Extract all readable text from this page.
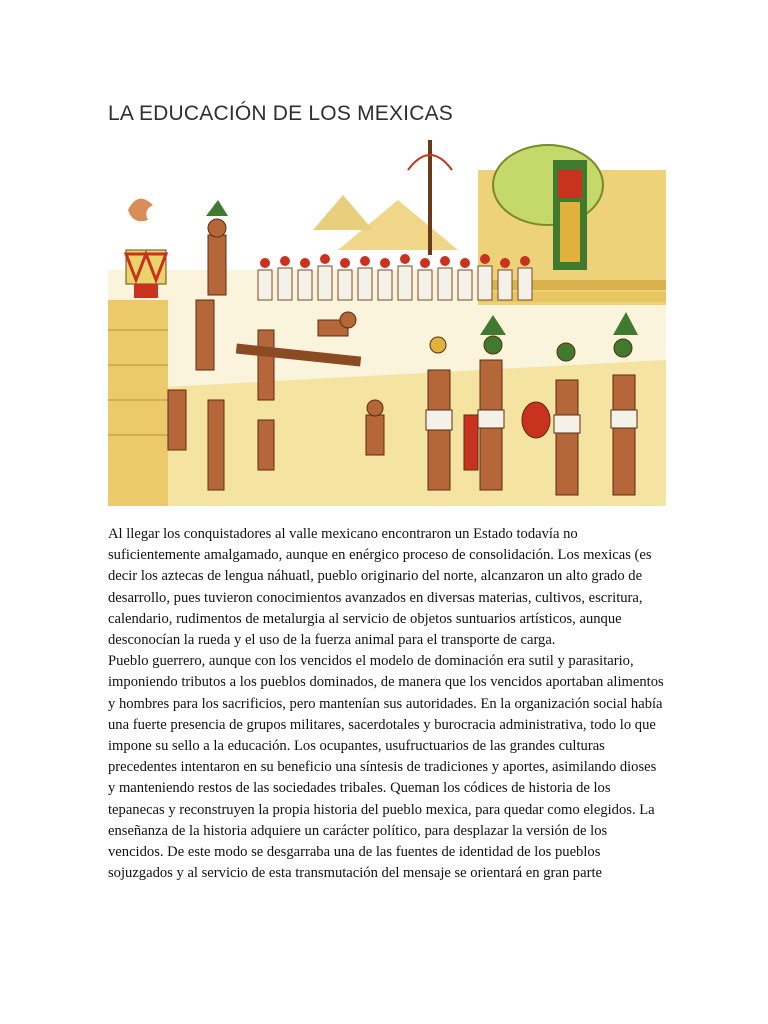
LA EDUCACIÓN DE LOS MEXICAS

Al llegar los conquistadores al valle mexicano encontraron un Estado todavía no suficientemente amalgamado, aunque en enérgico proceso de consolidación. Los mexicas (es decir los aztecas de lengua náhuatl, pueblo originario del norte, alcanzaron un alto grado de desarrollo, pues tuvieron conocimientos avanzados en diversas materias, cultivos, escritura, calendario, rudimentos de metalurgia al servicio de objetos suntuarios artísticos, aunque desconocían la rueda y el uso de la fuerza animal para el transporte de carga.

Pueblo guerrero, aunque con los vencidos el modelo de dominación era sutil y parasitario, imponiendo tributos a los pueblos dominados, de manera que los vencidos aportaban alimentos y hombres para los sacrificios, pero mantenían sus autoridades. En la organización social había una fuerte presencia de grupos militares, sacerdotales y burocracia administrativa, todo lo que impone su sello a la educación. Los ocupantes, usufructuarios de las grandes culturas precedentes intentaron en su beneficio una síntesis de tradiciones y aportes, asimilando dioses y manteniendo restos de las sociedades tribales. Queman los códices de historia de los tepanecas y reconstruyen la propia historia del pueblo mexica, para quedar como elegidos. La enseñanza de la historia adquiere un carácter político, para desplazar la versión de los vencidos. De este modo se desgarraba una de las fuentes de identidad de los pueblos sojuzgados y al servicio de esta transmutación del mensaje se orientará en gran parte
